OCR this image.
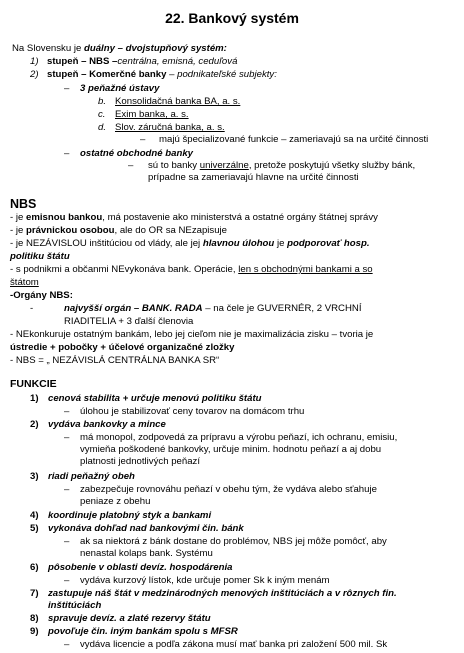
22. Bankový systém
Na Slovensku je duálny – dvojstupňový systém:
1) stupeň – NBS –centrálna, emisná, ceduľová
2) stupeň – Komerčné banky – podnikateľské subjekty:
– 3 peňažné ústavy
b. Konsolidačná banka BA, a. s.
c. Exim banka, a. s.
d. Slov. záručná banka, a. s.
– majú špecializované funkcie – zameriavajú sa na určité činnosti
– ostatné obchodné banky
– sú to banky univerzálne, pretože poskytujú všetky služby bánk,
prípadne sa zameriavajú hlavne na určité činnosti
NBS
- je emisnou bankou, má postavenie ako ministerstvá a ostatné orgány štátnej správy
- je právnickou osobou, ale do OR sa NEzapisuje
- je NEZÁVISLOU inštitúciou od vlády, ale jej hlavnou úlohou je podporovať hosp.
politiku štátu
- s podnikmi a občanmi NEvykonáva bank. Operácie, len s obchodnými bankami a so
štátom
-Orgány NBS:
-	najvyšší orgán – BANK. RADA – na čele je GUVERNÉR, 2 VRCHNÍ
RIADITELIA + 3 ďalší členovia
- NEkonkuruje ostatným bankám, lebo jej cieľom nie je maximalizácia zisku – tvoria je
ústredie + pobočky + účelové organizačné zložky
- NBS = „ NEZÁVISLÁ CENTRÁLNA BANKA SR“
FUNKCIE
1) cenová stabilita + určuje menovú politiku štátu
– úlohou je stabilizovať ceny tovarov na domácom trhu
2) vydáva bankovky a mince
– má monopol, zodpovedá za prípravu a výrobu peňazí, ich ochranu, emisiu,
vymieňa poškodené bankovky, určuje minim. hodnotu peňazí a aj dobu
platnosti jednotlivých peňazí
3) riadi peňažný obeh
– zabezpečuje rovnováhu peňazí v obehu tým, že vydáva alebo sťahuje
peniaze z obehu
4) koordinuje platobný styk a bankami
5) vykonáva dohľad nad bankovými čin. bánk
– ak sa niektorá z bánk dostane do problémov, NBS jej môže pomôcť, aby
nenastal kolaps bank. Systému
6) pôsobenie v oblasti devíz. hospodárenia
– vydáva kurzový lístok, kde určuje pomer Sk k iným menám
7) zastupuje náš štát v medzinárodných menových inštitúciách a v rôznych fin.
inštitúciách
8) spravuje devíz. a zlaté rezervy štátu
9) povoľuje čin. iným bankám spolu s MFSR
– vydáva licencie a podľa zákona musí mať banka pri založení 500 mil. Sk
